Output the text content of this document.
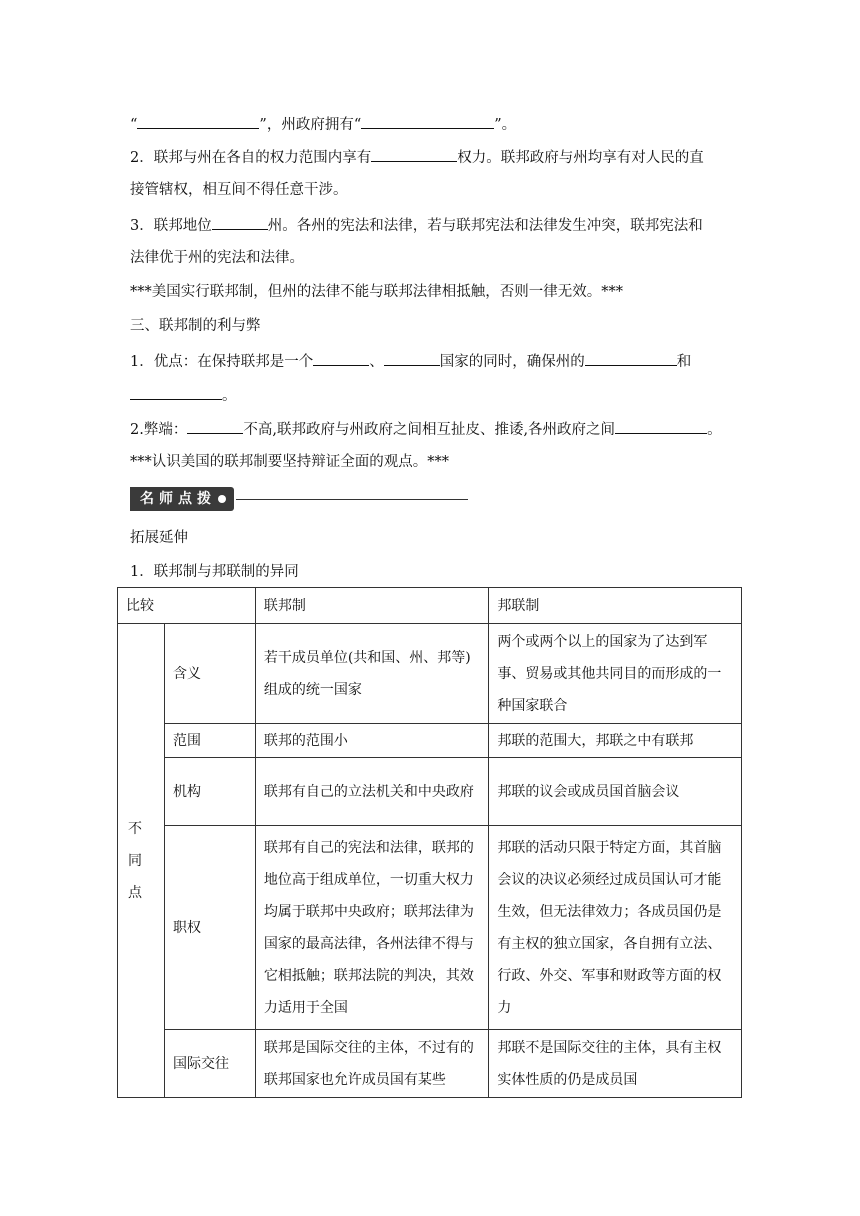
“	”，州政府拥有“	”。
2．联邦与州在各自的权力范围内享有	权力。联邦政府与州均享有对人民的直
接管辖权，相互间不得任意干涉。
3．联邦地位	州。各州的宪法和法律，若与联邦宪法和法律发生冲突，联邦宪法和
法律优于州的宪法和法律。
***美国实行联邦制，但州的法律不能与联邦法律相抵触，否则一律无效。***
三、联邦制的利与弊
1．优点：在保持联邦是一个	、	国家的同时，确保州的	和
。
2.弊端：	不高,联邦政府与州政府之间相互扯皮、推诿,各州政府之间	。
***认识美国的联邦制要坚持辩证全面的观点。***
名师点拨
拓展延伸
1．联邦制与邦联制的异同
比较		联邦制	邦联制

不
同
点	含义	若干成员单位(共和国、州、邦等)组成的统一国家	两个或两个以上的国家为了达到军事、贸易或其他共同目的而形成的一种国家联合
	范围	联邦的范围小	邦联的范围大，邦联之中有联邦
	机构	联邦有自己的立法机关和中央政府	邦联的议会或成员国首脑会议
	职权	联邦有自己的宪法和法律，联邦的地位高于组成单位，一切重大权力均属于联邦中央政府；联邦法律为国家的最高法律，各州法律不得与它相抵触；联邦法院的判决，其效力适用于全国	邦联的活动只限于特定方面，其首脑会议的决议必须经过成员国认可才能生效，但无法律效力；各成员国仍是有主权的独立国家，各自拥有立法、行政、外交、军事和财政等方面的权力
	国际交往	联邦是国际交往的主体，不过有的联邦国家也允许成员国有某些	邦联不是国际交往的主体，具有主权实体性质的仍是成员国
